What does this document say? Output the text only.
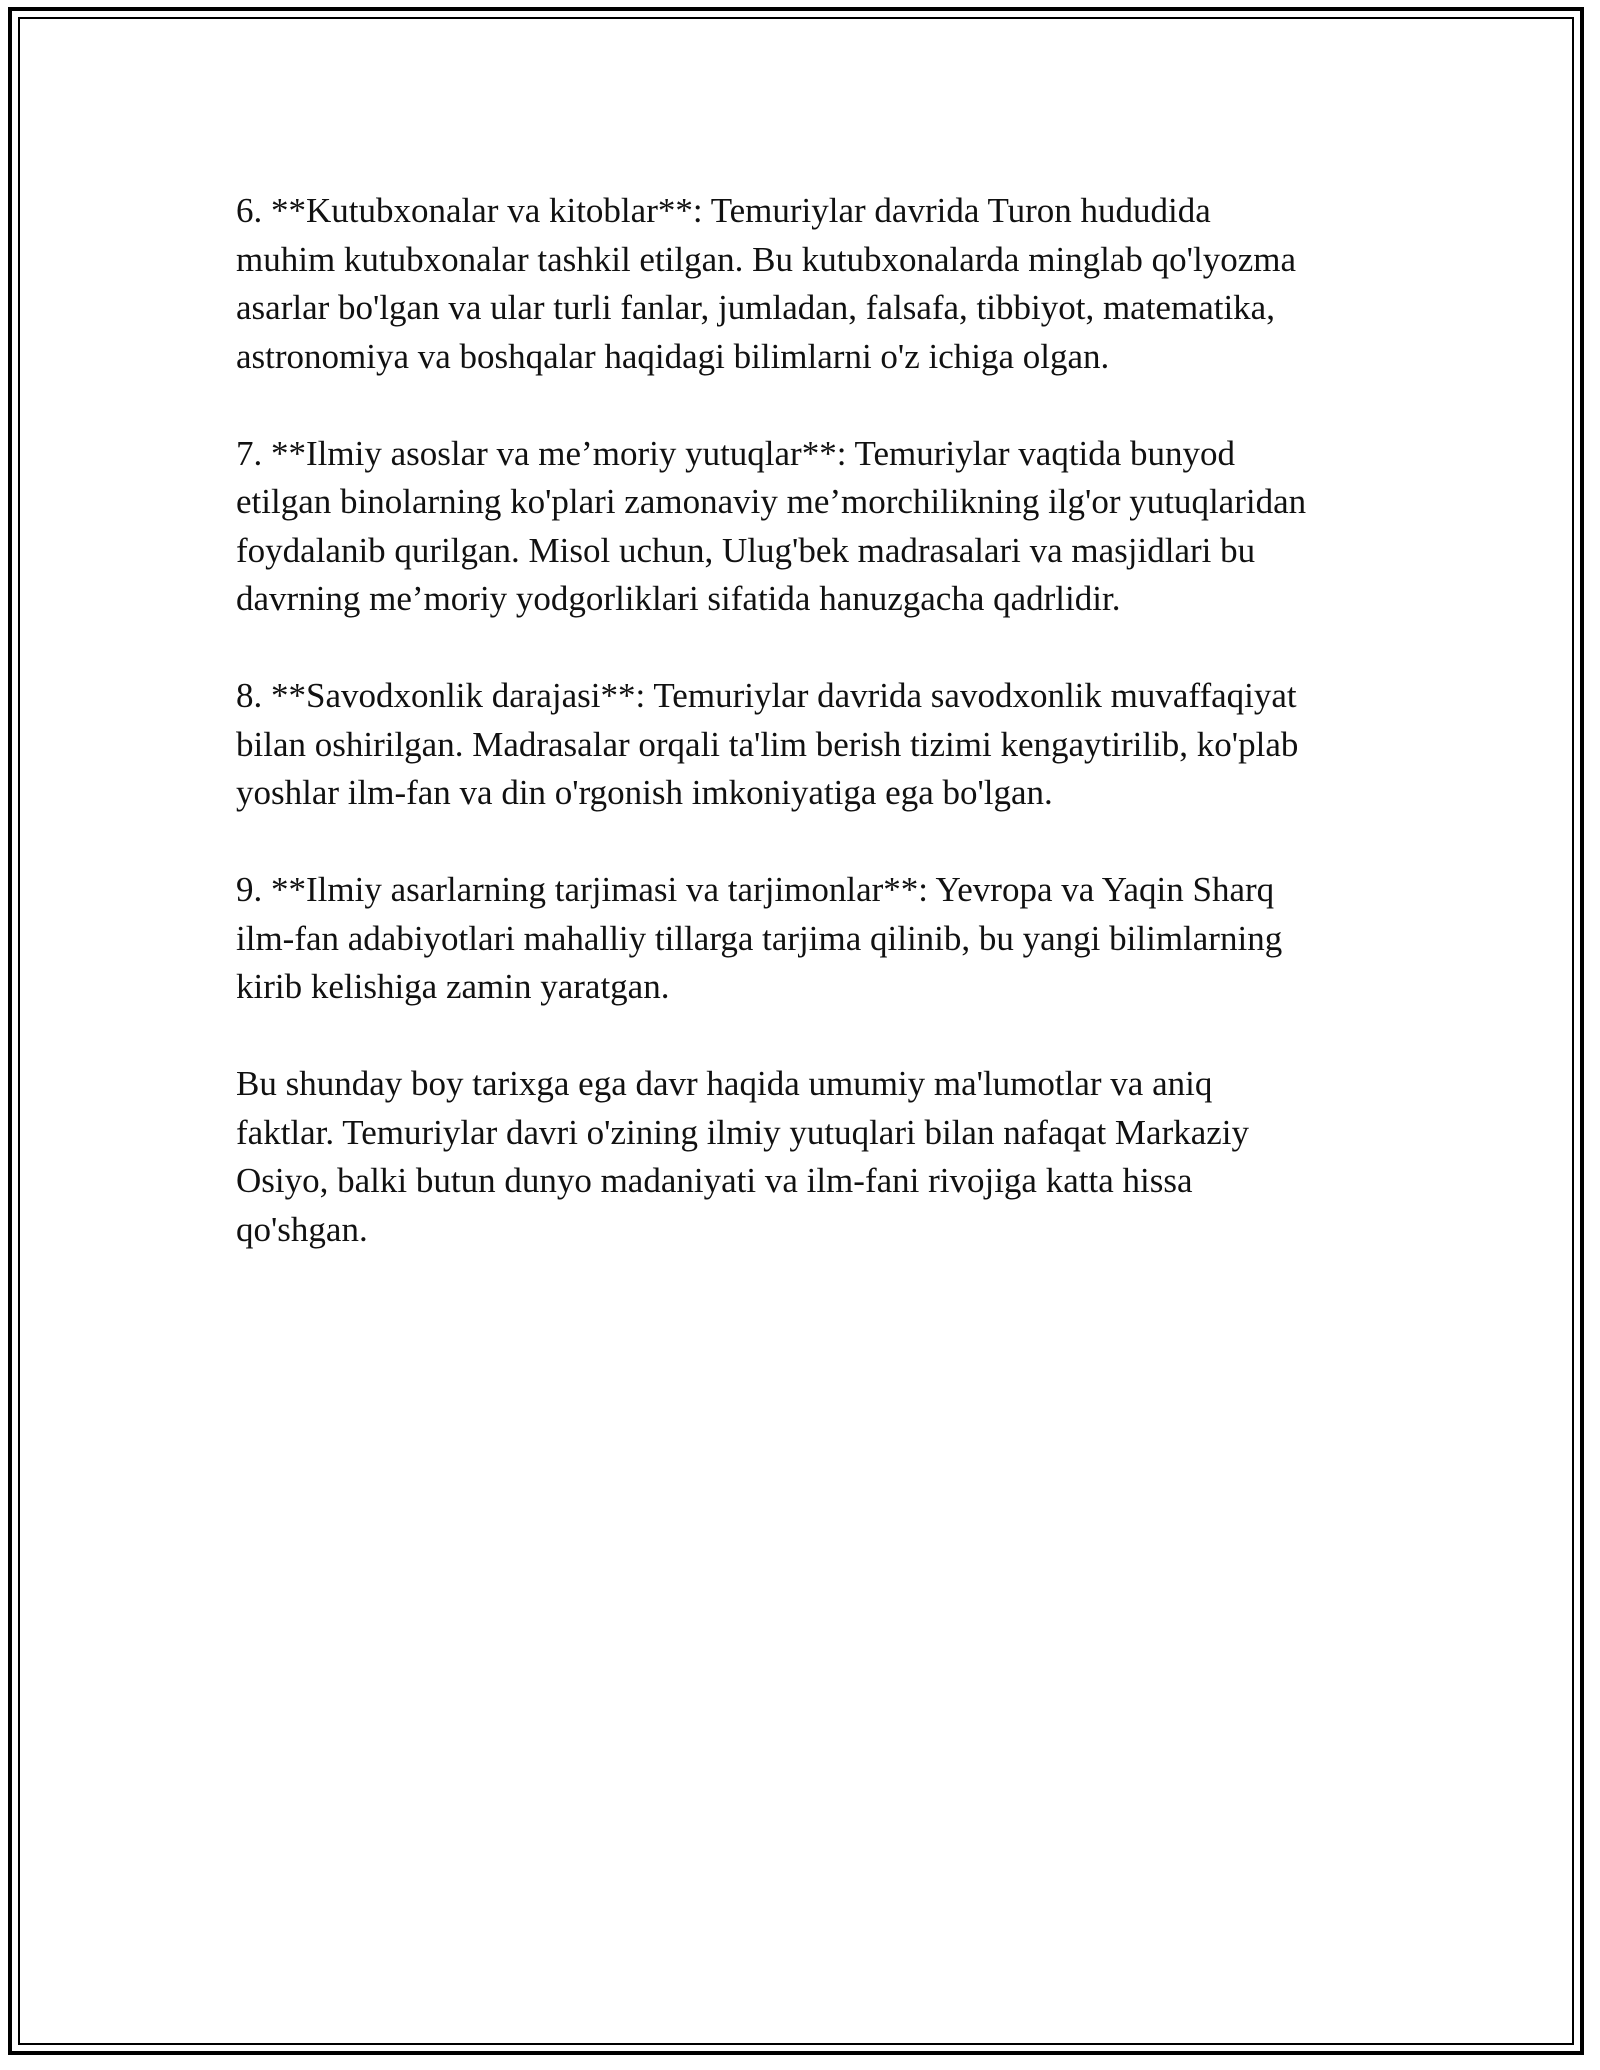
6. **Kutubxonalar va kitoblar**: Temuriylar davrida Turon hududida
muhim kutubxonalar tashkil etilgan. Bu kutubxonalarda minglab qo'lyozma
asarlar bo'lgan va ular turli fanlar, jumladan, falsafa, tibbiyot, matematika,
astronomiya va boshqalar haqidagi bilimlarni o'z ichiga olgan.

7. **Ilmiy asoslar va me’moriy yutuqlar**: Temuriylar vaqtida bunyod
etilgan binolarning ko'plari zamonaviy me’morchilikning ilg'or yutuqlaridan
foydalanib qurilgan. Misol uchun, Ulug'bek madrasalari va masjidlari bu
davrning me’moriy yodgorliklari sifatida hanuzgacha qadrlidir.

8. **Savodxonlik darajasi**: Temuriylar davrida savodxonlik muvaffaqiyat
bilan oshirilgan. Madrasalar orqali ta'lim berish tizimi kengaytirilib, ko'plab
yoshlar ilm-fan va din o'rgonish imkoniyatiga ega bo'lgan.

9. **Ilmiy asarlarning tarjimasi va tarjimonlar**: Yevropa va Yaqin Sharq
ilm-fan adabiyotlari mahalliy tillarga tarjima qilinib, bu yangi bilimlarning
kirib kelishiga zamin yaratgan.

Bu shunday boy tarixga ega davr haqida umumiy ma'lumotlar va aniq
faktlar. Temuriylar davri o'zining ilmiy yutuqlari bilan nafaqat Markaziy
Osiyo, balki butun dunyo madaniyati va ilm-fani rivojiga katta hissa
qo'shgan.
